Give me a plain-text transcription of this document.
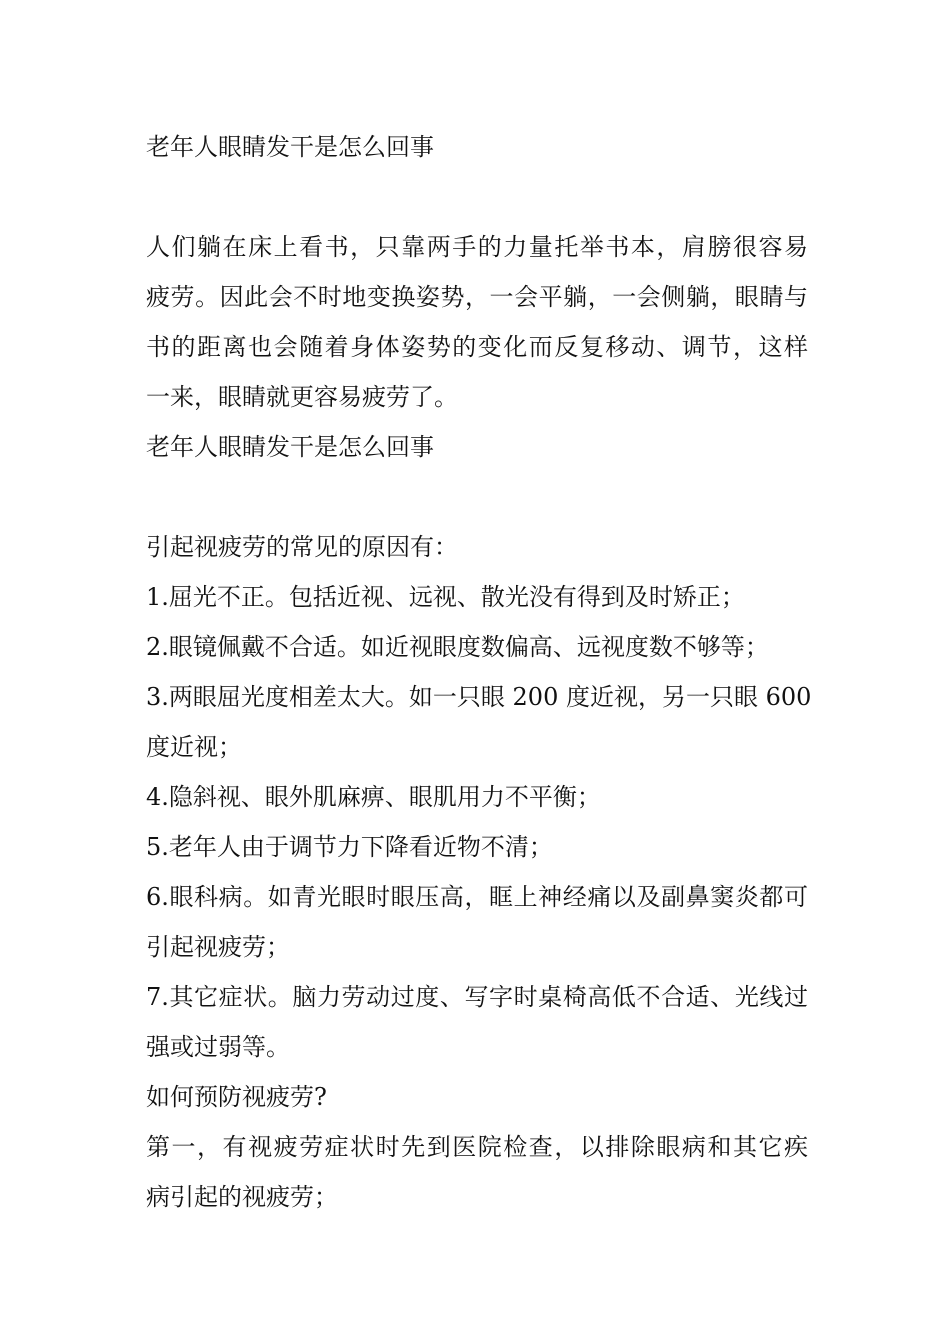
老年人眼睛发干是怎么回事
人们躺在床上看书，只靠两手的力量托举书本，肩膀很容易
疲劳。因此会不时地变换姿势，一会平躺，一会侧躺，眼睛与
书的距离也会随着身体姿势的变化而反复移动、调节，这样
一来，眼睛就更容易疲劳了。
老年人眼睛发干是怎么回事
引起视疲劳的常见的原因有：
1.屈光不正。包括近视、远视、散光没有得到及时矫正；
2.眼镜佩戴不合适。如近视眼度数偏高、远视度数不够等；
3.两眼屈光度相差太大。如一只眼 200 度近视，另一只眼 600
度近视；
4.隐斜视、眼外肌麻痹、眼肌用力不平衡；
5.老年人由于调节力下降看近物不清；
6.眼科病。如青光眼时眼压高，眶上神经痛以及副鼻窦炎都可
引起视疲劳；
7.其它症状。脑力劳动过度、写字时桌椅高低不合适、光线过
强或过弱等。
如何预防视疲劳?
第一，有视疲劳症状时先到医院检查，以排除眼病和其它疾
病引起的视疲劳；
